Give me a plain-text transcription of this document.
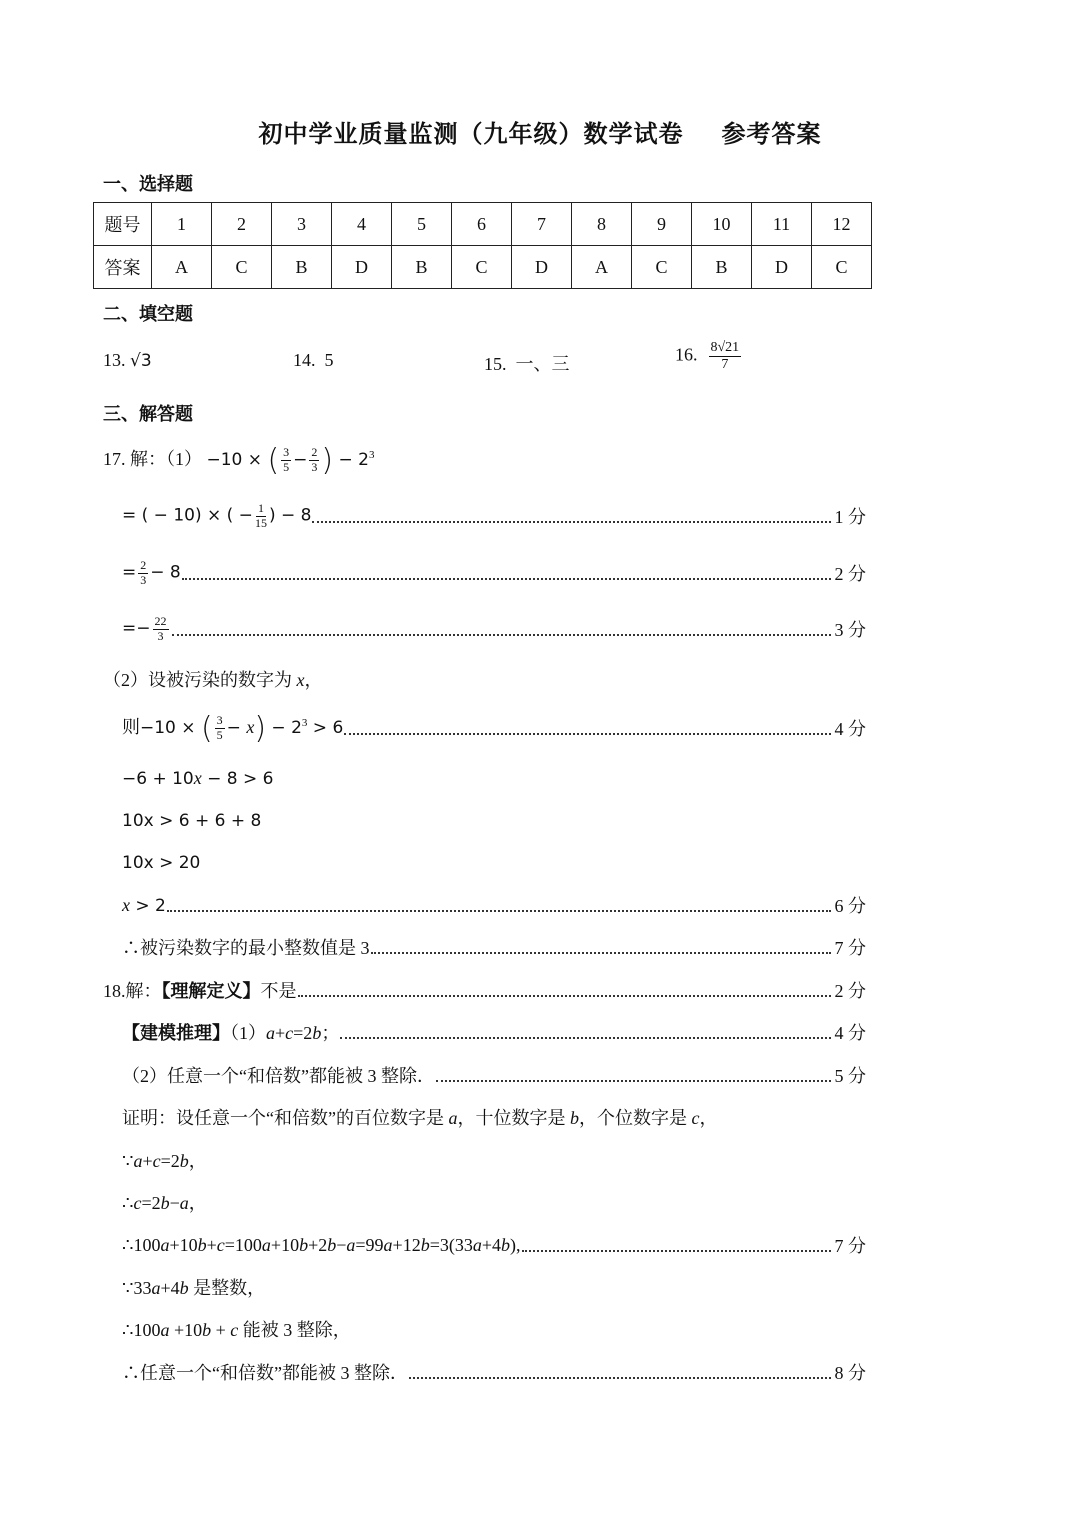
初中学业质量监测（九年级）数学试卷 参考答案
一、选择题
题号	1	2	3	4	5	6	7	8	9	10	11	12
答案	A	C	B	D	B	C	D	A	C	B	D	C
二、填空题
13. √3	14. 5	15. 一、三	16. $\frac{8√21}{7}$
三、解答题
17. 解：（1） −10 × ( $\frac{3}{5} - \frac{2}{3}$ ) − $2^3$
= ( − 10) × ( − $\frac{1}{15}$ ) − 8	1 分
= $\frac{2}{3} - 8$	2 分
=− $\frac{22}{3}$	3 分
（2）设被污染的数字为 x，
则−10 × ( $\frac{3}{5} - x) - 2^3 > 6$	4 分
−6 + 10x − 8 > 6
10x > 6 + 6 + 8
10x > 20
x > 2	6 分
∴被污染数字的最小整数值是 3	7 分
18.解：【理解定义】不是	2 分
【建模推理】（1）a+c=2b；	4 分
（2）任意一个“和倍数”都能被 3 整除．	5 分
证明：设任意一个“和倍数”的百位数字是 a，十位数字是 b，个位数字是 c，
∵a+c=2b，
∴c=2b−a，
∴100a+10b+c=100a+10b+2b−a=99a+12b=3(33a+4b),	7 分
∵33a+4b 是整数，
∴100a +10b + c 能被 3 整除，
∴任意一个“和倍数”都能被 3 整除．	8 分
